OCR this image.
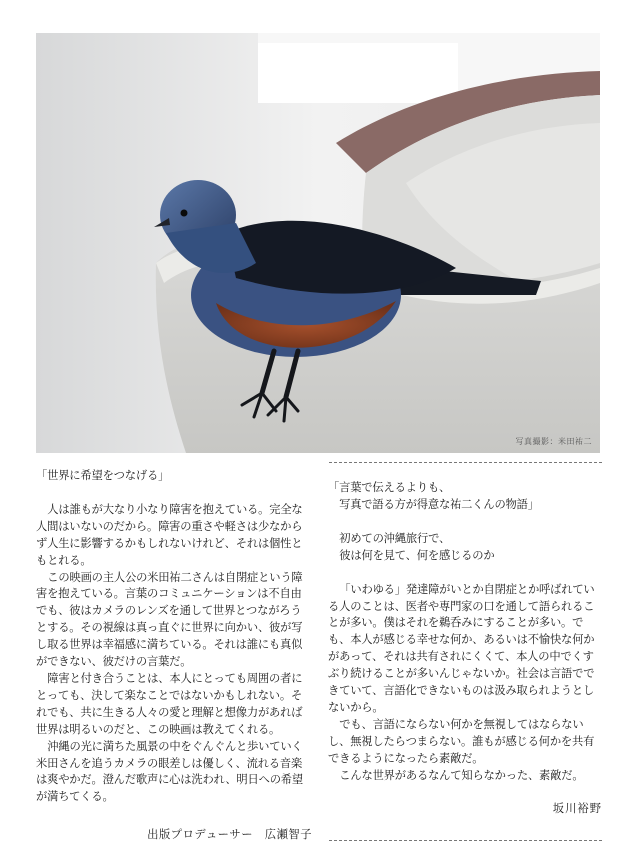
写真撮影：米田祐二

「世界に希望をつなげる」

人は誰もが大なり小なり障害を抱えている。完全な人間はいないのだから。障害の重さや軽さは少なからず人生に影響するかもしれないけれど、それは個性ともとれる。

この映画の主人公の米田祐二さんは自閉症という障害を抱えている。言葉のコミュニケーションは不自由でも、彼はカメラのレンズを通して世界とつながろうとする。その視線は真っ直ぐに世界に向かい、彼が写し取る世界は幸福感に満ちている。それは誰にも真似ができない、彼だけの言葉だ。

障害と付き合うことは、本人にとっても周囲の者にとっても、決して楽なことではないかもしれない。それでも、共に生きる人々の愛と理解と想像力があれば世界は明るいのだと、この映画は教えてくれる。

沖縄の光に満ちた風景の中をぐんぐんと歩いていく米田さんを追うカメラの眼差しは優しく、流れる音楽は爽やかだ。澄んだ歌声に心は洗われ、明日への希望が満ちてくる。

出版プロデューサー　広瀬智子

「言葉で伝えるよりも、

　写真で語る方が得意な祐二くんの物語」

初めての沖縄旅行で、

彼は何を見て、何を感じるのか

「いわゆる」発達障がいとか自閉症とか呼ばれている人のことは、医者や専門家の口を通して語られることが多い。僕はそれを鵜呑みにすることが多い。でも、本人が感じる幸せな何か、あるいは不愉快な何かがあって、それは共有されにくくて、本人の中でくすぶり続けることが多いんじゃないか。社会は言語でできていて、言語化できないものは汲み取られようとしないから。

でも、言語にならない何かを無視してはならないし、無視したらつまらない。誰もが感じる何かを共有できるようになったら素敵だ。

こんな世界があるなんて知らなかった、素敵だ。

坂川裕野
